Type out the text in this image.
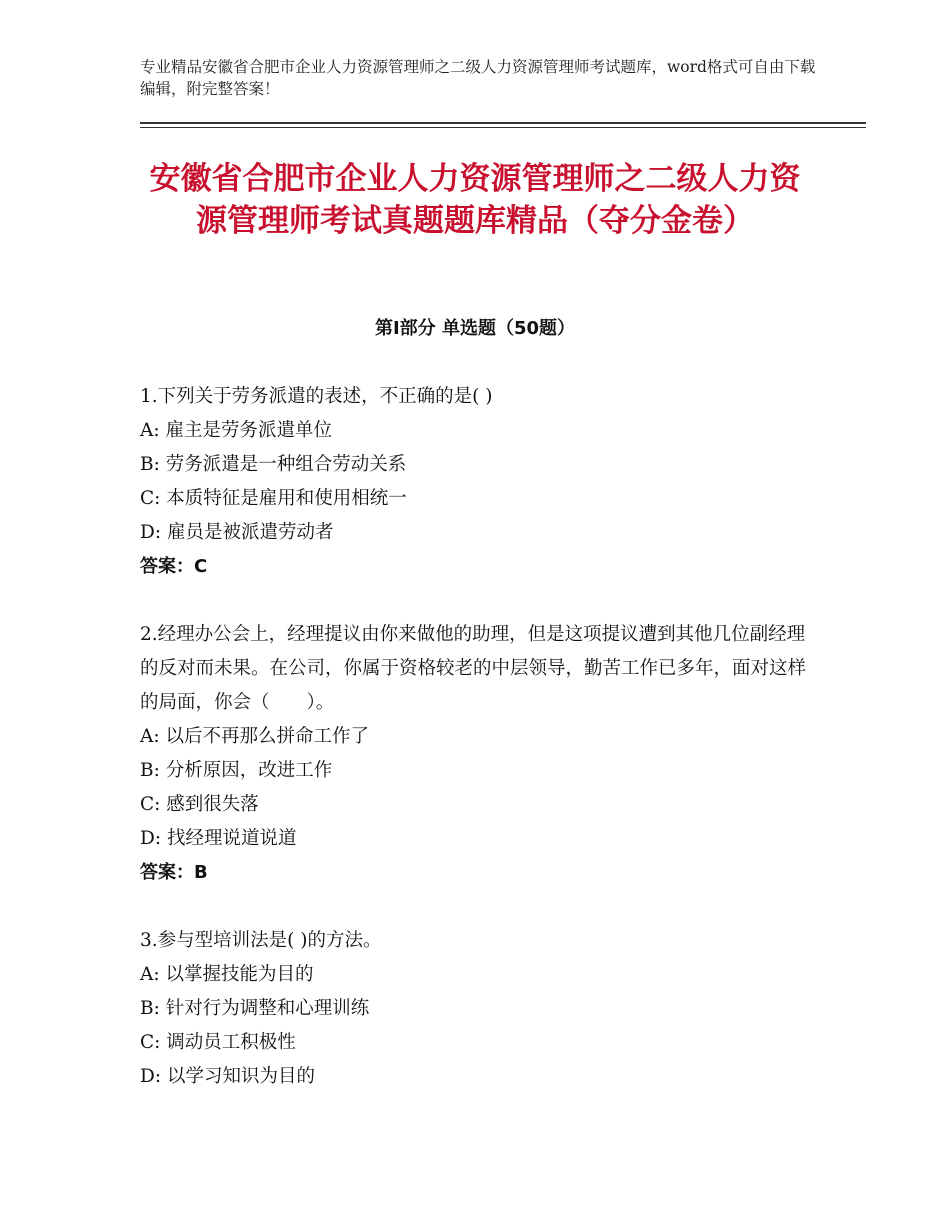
专业精品安徽省合肥市企业人力资源管理师之二级人力资源管理师考试题库，word格式可自由下载编辑，附完整答案！
安徽省合肥市企业人力资源管理师之二级人力资源管理师考试真题题库精品（夺分金卷）
第Ⅰ部分 单选题（50题）
1.下列关于劳务派遣的表述，不正确的是( )
A: 雇主是劳务派遣单位
B: 劳务派遣是一种组合劳动关系
C: 本质特征是雇用和使用相统一
D: 雇员是被派遣劳动者
答案：C
2.经理办公会上，经理提议由你来做他的助理，但是这项提议遭到其他几位副经理的反对而未果。在公司，你属于资格较老的中层领导，勤苦工作已多年，面对这样的局面，你会（　　）。
A: 以后不再那么拼命工作了
B: 分析原因，改进工作
C: 感到很失落
D: 找经理说道说道
答案：B
3.参与型培训法是( )的方法。
A: 以掌握技能为目的
B: 针对行为调整和心理训练
C: 调动员工积极性
D: 以学习知识为目的
